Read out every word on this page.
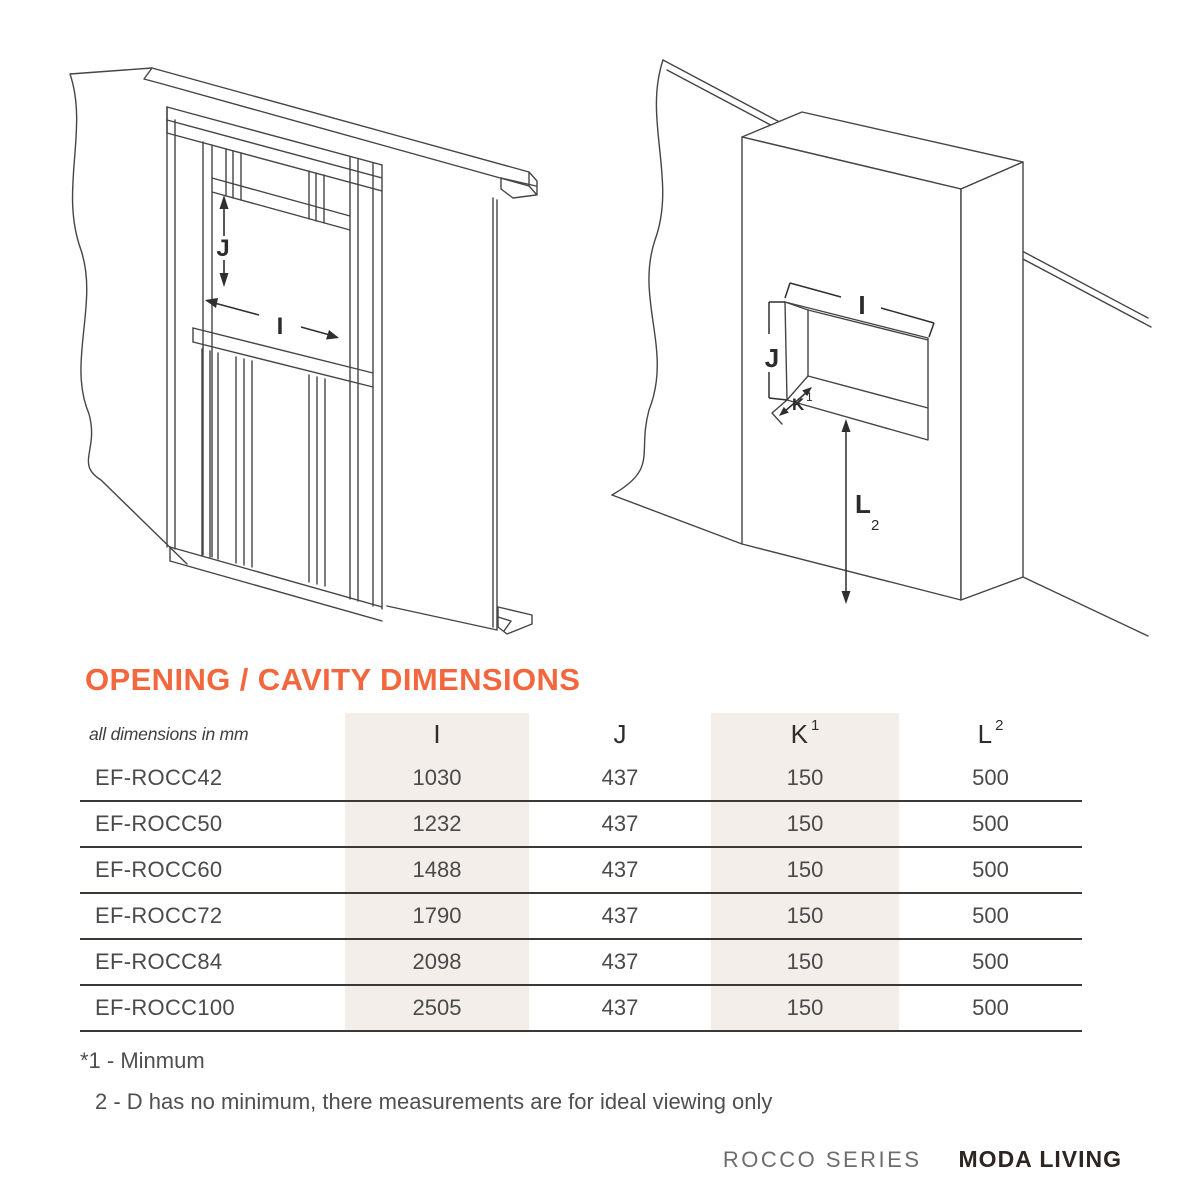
J
I
I
J
K 1
L
2
OPENING / CAVITY DIMENSIONS
all dimensions in mm	I	J	K 1	L 2
EF-ROCC42	1030	437	150	500
EF-ROCC50	1232	437	150	500
EF-ROCC60	1488	437	150	500
EF-ROCC72	1790	437	150	500
EF-ROCC84	2098	437	150	500
EF-ROCC100	2505	437	150	500
*1 - Minmum
2 - D has no minimum, there measurements are for ideal viewing only
ROCCO SERIES MODA LIVING
